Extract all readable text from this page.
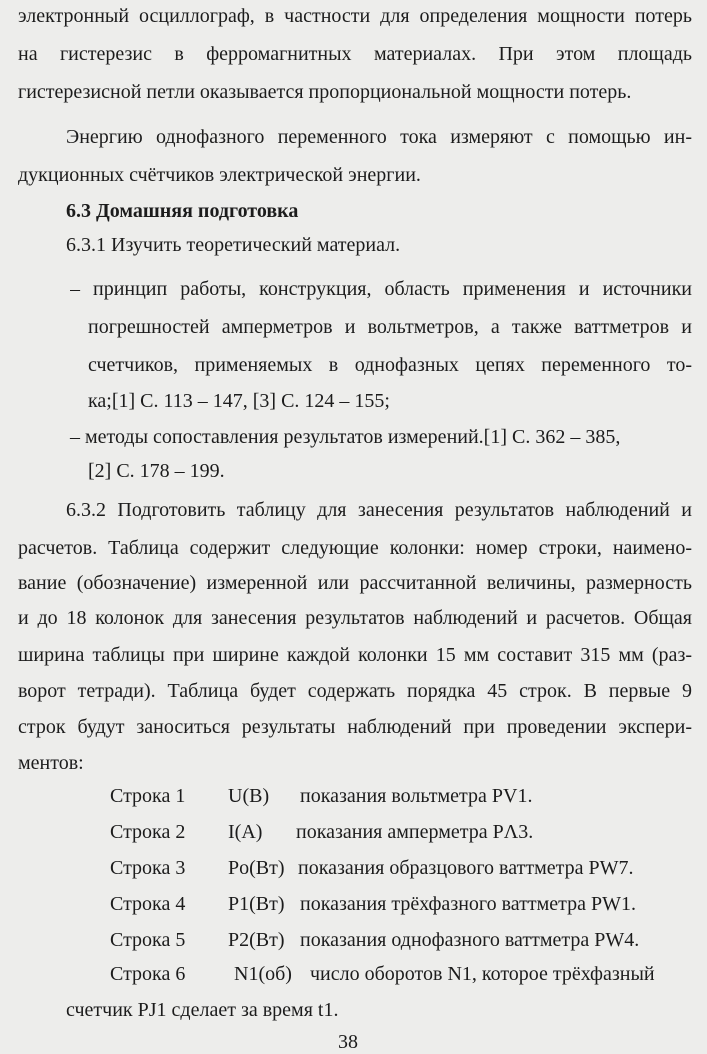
электронный осциллограф, в частности для определения мощности потерь
на гистерезис в ферромагнитных материалах. При этом площадь
гистерезисной петли оказывается пропорциональной мощности потерь.
Энергию однофазного переменного тока измеряют с помощью ин-
дукционных счётчиков электрической энергии.
6.3 Домашняя подготовка
6.3.1 Изучить теоретический материал.
– принцип работы, конструкция, область применения и источники
погрешностей амперметров и вольтметров, а также ваттметров и
счетчиков, применяемых в однофазных цепях переменного то-
ка;[1] С. 113 – 147, [3] С. 124 – 155;
– методы сопоставления результатов измерений.[1] С. 362 – 385,
[2] С. 178 – 199.
6.3.2 Подготовить таблицу для занесения результатов наблюдений и
расчетов. Таблица содержит следующие колонки: номер строки, наимено-
вание (обозначение) измеренной или рассчитанной величины, размерность
и до 18 колонок для занесения результатов наблюдений и расчетов. Общая
ширина таблицы при ширине каждой колонки 15 мм составит 315 мм (раз-
ворот тетради). Таблица будет содержать порядка 45 строк. В первые 9
строк будут заноситься результаты наблюдений при проведении экспери-
ментов:
Строка 1 U(В) показания вольтметра PV1.
Строка 2 I(А) показания амперметра PΛ3.
Строка 3 Pо(Вт) показания образцового ваттметра PW7.
Строка 4 P1(Вт) показания трёхфазного ваттметра PW1.
Строка 5 P2(Вт) показания однофазного ваттметра PW4.
Строка 6 N1(об) число оборотов N1, которое трёхфазный
счетчик PJ1 сделает за время t1.
38
